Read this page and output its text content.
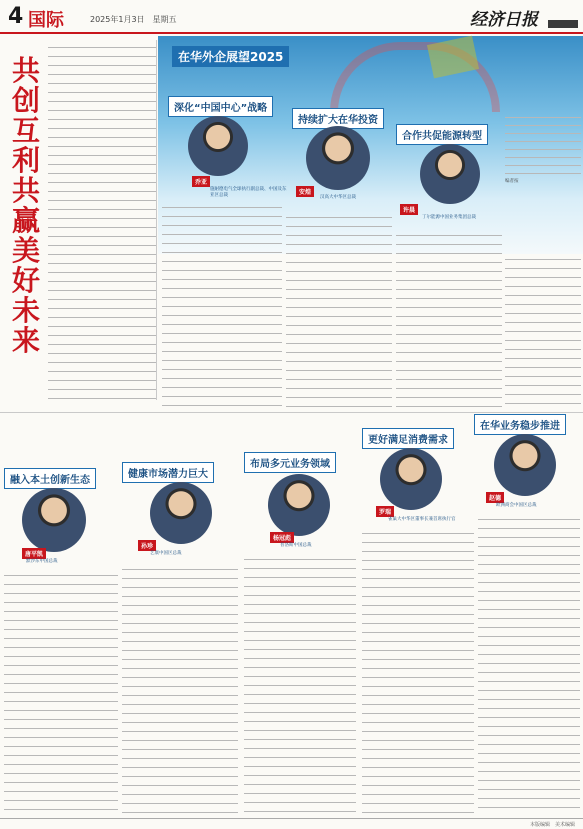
4 国际	2025年1月3日　星期五	经济日报
共创互利共赢美好未来
在华外企展望2025
深化“中国中心”战略
乔亚
施耐德电气全球执行副总裁、中国及东亚区总裁
持续扩大在华投资
安煌
汉高大中华区总裁
合作共促能源转型
许晨
丁尔能源中国业务集团总裁
编者按
融入本土创新生态
唐平凯
默沙东中国总裁
健康市场潜力巨大
孙珍
艺康中国区总裁
布局多元业务领域
杨冠彪
普洛斯中国总裁
更好满足消费需求
罗瑞
雀巢大中华区董事长兼首席执行官
在华业务稳步推进
赵德
欧洲商会中国区总裁
本版编辑　美术编辑
